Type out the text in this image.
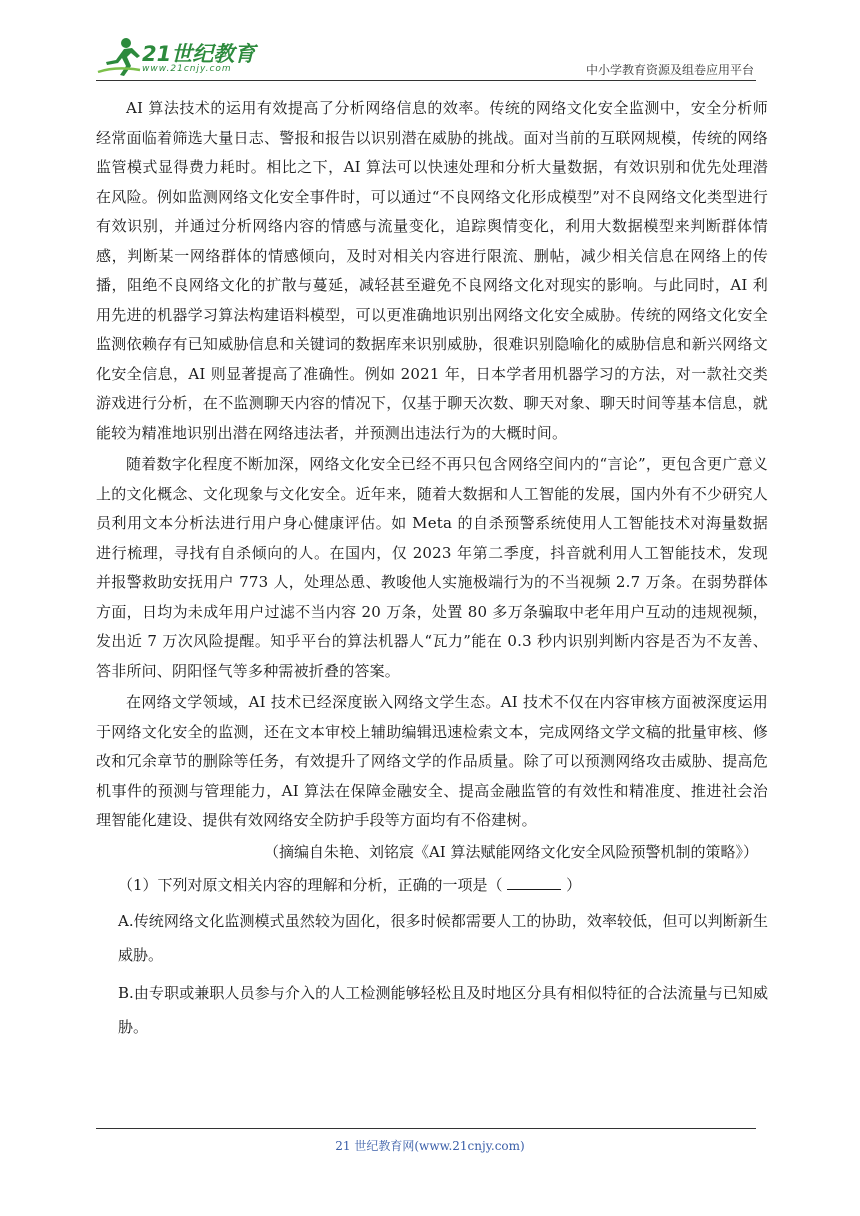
21世纪教育
www.21cnjy.com	中小学教育资源及组卷应用平台

AI 算法技术的运用有效提高了分析网络信息的效率。传统的网络文化安全监测中，安全分析师经常面临着筛选大量日志、警报和报告以识别潜在威胁的挑战。面对当前的互联网规模，传统的网络监管模式显得费力耗时。相比之下，AI 算法可以快速处理和分析大量数据，有效识别和优先处理潜在风险。例如监测网络文化安全事件时，可以通过“不良网络文化形成模型”对不良网络文化类型进行有效识别，并通过分析网络内容的情感与流量变化，追踪舆情变化，利用大数据模型来判断群体情感，判断某一网络群体的情感倾向，及时对相关内容进行限流、删帖，减少相关信息在网络上的传播，阻绝不良网络文化的扩散与蔓延，减轻甚至避免不良网络文化对现实的影响。与此同时，AI 利用先进的机器学习算法构建语料模型，可以更准确地识别出网络文化安全威胁。传统的网络文化安全监测依赖存有已知威胁信息和关键词的数据库来识别威胁，很难识别隐喻化的威胁信息和新兴网络文化安全信息，AI 则显著提高了准确性。例如 2021 年，日本学者用机器学习的方法，对一款社交类游戏进行分析，在不监测聊天内容的情况下，仅基于聊天次数、聊天对象、聊天时间等基本信息，就能较为精准地识别出潜在网络违法者，并预测出违法行为的大概时间。

随着数字化程度不断加深，网络文化安全已经不再只包含网络空间内的“言论”，更包含更广意义上的文化概念、文化现象与文化安全。近年来，随着大数据和人工智能的发展，国内外有不少研究人员利用文本分析法进行用户身心健康评估。如 Meta 的自杀预警系统使用人工智能技术对海量数据进行梳理，寻找有自杀倾向的人。在国内，仅 2023 年第二季度，抖音就利用人工智能技术，发现并报警救助安抚用户 773 人，处理怂恿、教唆他人实施极端行为的不当视频 2.7 万条。在弱势群体方面，日均为未成年用户过滤不当内容 20 万条，处置 80 多万条骗取中老年用户互动的违规视频，发出近 7 万次风险提醒。知乎平台的算法机器人“瓦力”能在 0.3 秒内识别判断内容是否为不友善、答非所问、阴阳怪气等多种需被折叠的答案。

在网络文学领域，AI 技术已经深度嵌入网络文学生态。AI 技术不仅在内容审核方面被深度运用于网络文化安全的监测，还在文本审校上辅助编辑迅速检索文本，完成网络文学文稿的批量审核、修改和冗余章节的删除等任务，有效提升了网络文学的作品质量。除了可以预测网络攻击威胁、提高危机事件的预测与管理能力，AI 算法在保障金融安全、提高金融监管的有效性和精准度、推进社会治理智能化建设、提供有效网络安全防护手段等方面均有不俗建树。

（摘编自朱艳、刘铭宸《AI 算法赋能网络文化安全风险预警机制的策略》）

（1）下列对原文相关内容的理解和分析，正确的一项是（	）

A.传统网络文化监测模式虽然较为固化，很多时候都需要人工的协助，效率较低，但可以判断新生威胁。

B.由专职或兼职人员参与介入的人工检测能够轻松且及时地区分具有相似特征的合法流量与已知威胁。

21 世纪教育网(www.21cnjy.com)
